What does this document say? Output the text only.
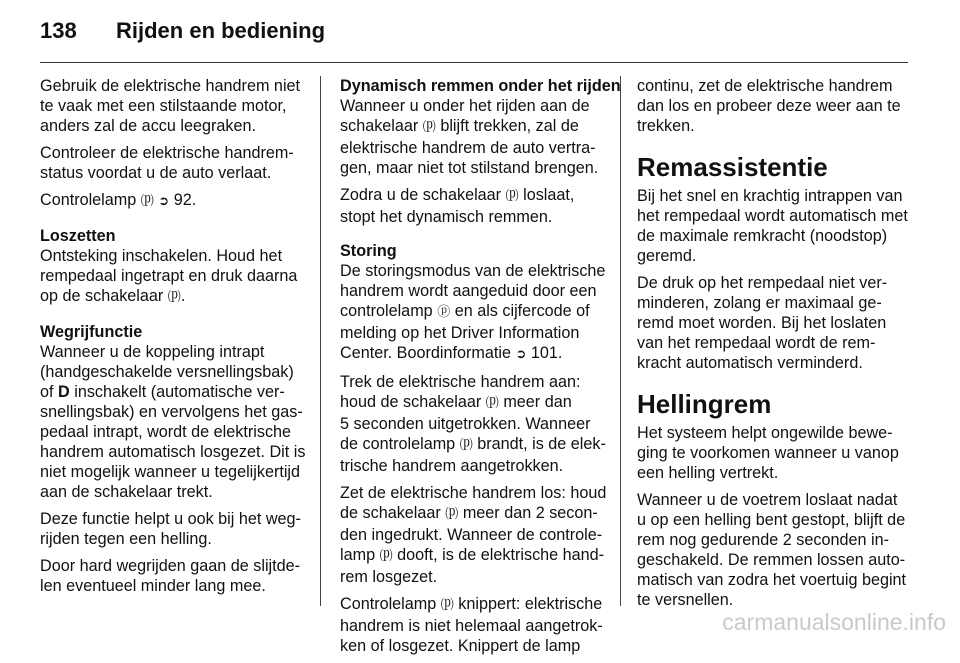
138 Rijden en bediening

Gebruik de elektrische handrem niet
te vaak met een stilstaande motor,
anders zal de accu leegraken.

Controleer de elektrische handrem-
status voordat u de auto verlaat.

Controlelamp ⒫ ➲ 92.

Loszetten

Ontsteking inschakelen. Houd het
rempedaal ingetrapt en druk daarna
op de schakelaar ⒫.

Wegrijfunctie

Wanneer u de koppeling intrapt
(handgeschakelde versnellingsbak)
of D inschakelt (automatische ver-
snellingsbak) en vervolgens het gas-
pedaal intrapt, wordt de elektrische
handrem automatisch losgezet. Dit is
niet mogelijk wanneer u tegelijkertijd
aan de schakelaar trekt.

Deze functie helpt u ook bij het weg-
rijden tegen een helling.

Door hard wegrijden gaan de slijtde-
len eventueel minder lang mee.

Dynamisch remmen onder het rijden

Wanneer u onder het rijden aan de
schakelaar ⒫ blijft trekken, zal de
elektrische handrem de auto vertra-
gen, maar niet tot stilstand brengen.

Zodra u de schakelaar ⒫ loslaat,
stopt het dynamisch remmen.

Storing

De storingsmodus van de elektrische
handrem wordt aangeduid door een
controlelamp ⓟ en als cijfercode of
melding op het Driver Information
Center. Boordinformatie ➲ 101.

Trek de elektrische handrem aan:
houd de schakelaar ⒫ meer dan
5 seconden uitgetrokken. Wanneer
de controlelamp ⒫ brandt, is de elek-
trische handrem aangetrokken.

Zet de elektrische handrem los: houd
de schakelaar ⒫ meer dan 2 secon-
den ingedrukt. Wanneer de controle-
lamp ⒫ dooft, is de elektrische hand-
rem losgezet.

Controlelamp ⒫ knippert: elektrische
handrem is niet helemaal aangetrok-
ken of losgezet. Knippert de lamp

continu, zet de elektrische handrem
dan los en probeer deze weer aan te
trekken.

Remassistentie

Bij het snel en krachtig intrappen van
het rempedaal wordt automatisch met
de maximale remkracht (noodstop)
geremd.

De druk op het rempedaal niet ver-
minderen, zolang er maximaal ge-
remd moet worden. Bij het loslaten
van het rempedaal wordt de rem-
kracht automatisch verminderd.

Hellingrem

Het systeem helpt ongewilde bewe-
ging te voorkomen wanneer u vanop
een helling vertrekt.

Wanneer u de voetrem loslaat nadat
u op een helling bent gestopt, blijft de
rem nog gedurende 2 seconden in-
geschakeld. De remmen lossen auto-
matisch van zodra het voertuig begint
te versnellen.

carmanualsonline.info
